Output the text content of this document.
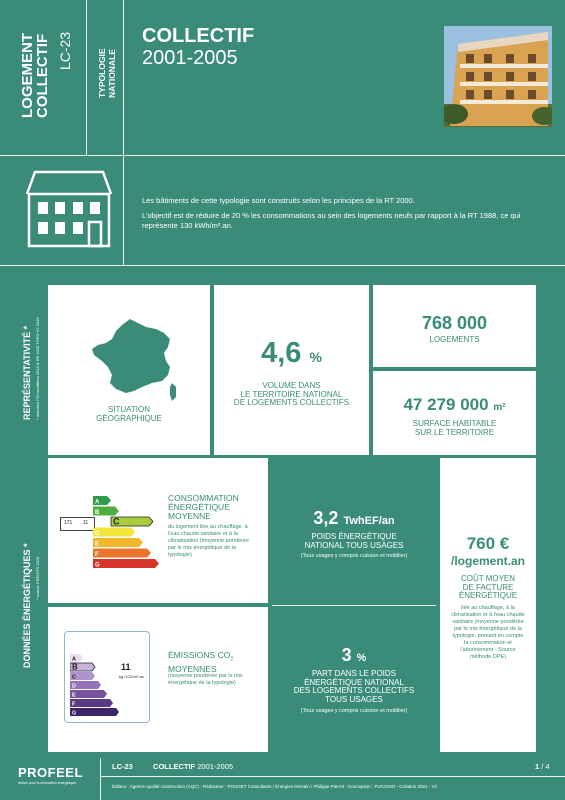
LOGEMENT
COLLECTIF LC-23	TYPOLOGIE NATIONALE
COLLECTIF
2001-2005

Les bâtiments de cette typologie sont construits selon les principes de la RT 2000.

L'objectif est de réduire de 20 % les consommations au sein des logements neufs par rapport à la RT 1988, ce qui représente 130 kWh/m².an.

REPRÉSENTATIVITÉ * * données FCI modifiées 2015 & RE 2020 TOPO V2 2019	SITUATION
GÉOGRAPHIQUE
4,6 %
VOLUME DANS
LE TERRITOIRE NATIONAL
DE LOGEMENTS COLLECTIFS
768 000
LOGEMENTS
47 279 000 m²
SURFACE HABITABLE
SUR LE TERRITOIRE
DONNÉES ÉNERGÉTIQUES * * source CREDITS 2016
171 11
A
B
C
D
E
F
G
CONSOMMATION
ÉNERGÉTIQUE
MOYENNE
du logement liée au chauffage, à l'eau chaude sanitaire et à la climatisation (moyenne pondérée par le mix énergétique de la typologie)
A
B
C
D
E
F
G
11
kg CO2/m².an
ÉMISSIONS $CO_2$
MOYENNES
(moyenne pondérée par le mix énergétique de la typologie)
3,2 TwhEF/an
POIDS ÉNERGÉTIQUE
NATIONAL TOUS USAGES
(Tous usages y compris cuisson et mobilier)
3 %
PART DANS LE POIDS
ÉNERGÉTIQUE NATIONAL
DES LOGEMENTS COLLECTIFS
TOUS USAGES
(Tous usages y compris cuisson et mobilier)
760 €
/logement.an
COÛT MOYEN
DE FACTURE
ÉNERGÉTIQUE
liée au chauffage, à la climatisation et à l'eau chaude sanitaire (moyenne pondérée par le mix énergétique de la typologie, prenant en compte la consommation et l'abonnement - Source méthode DPE)
PROFEEL
Action pour la rénovation énergétique
LC-23	COLLECTIF 2001-2005	1 / 4
Éditeur : Agence qualité construction (AQC) - Rédacteur : POUGET Consultants / Énergies Demain / Philippe Pierrot - Conception : PUCCINO - Création 2021 - V2
